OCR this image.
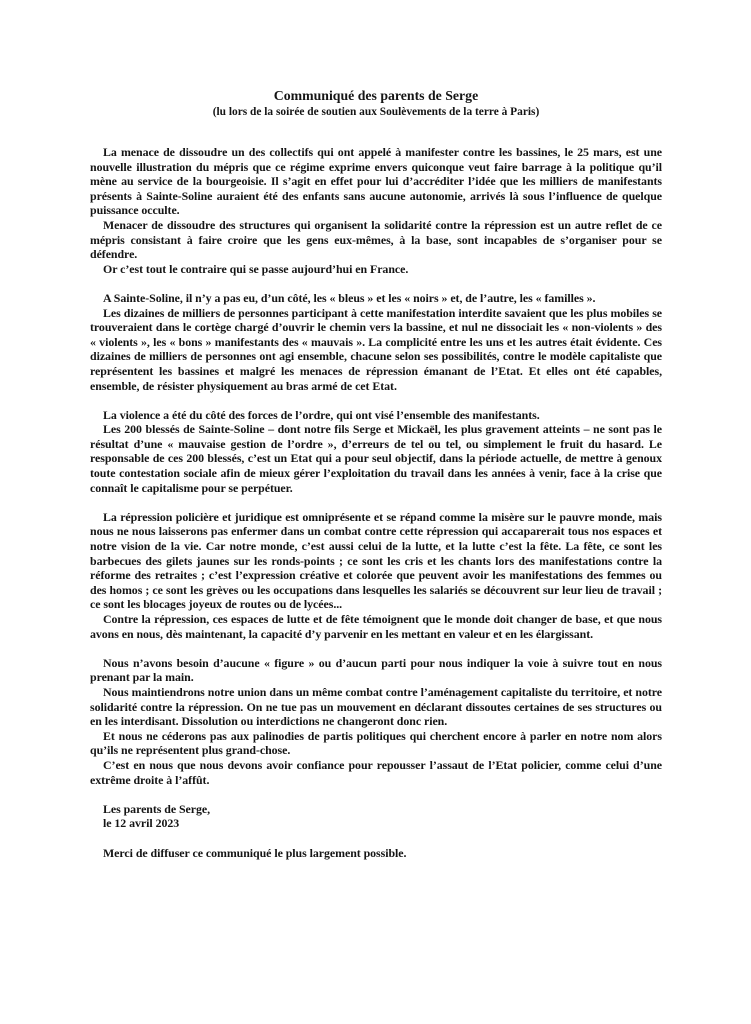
Communiqué des parents de Serge
(lu lors de la soirée de soutien aux Soulèvements de la terre à Paris)

La menace de dissoudre un des collectifs qui ont appelé à manifester contre les bassines, le 25 mars, est une nouvelle illustration du mépris que ce régime exprime envers quiconque veut faire barrage à la politique qu’il mène au service de la bourgeoisie. Il s’agit en effet pour lui d’accréditer l’idée que les milliers de manifestants présents à Sainte-Soline auraient été des enfants sans aucune autonomie, arrivés là sous l’influence de quelque puissance occulte.

Menacer de dissoudre des structures qui organisent la solidarité contre la répression est un autre reflet de ce mépris consistant à faire croire que les gens eux-mêmes, à la base, sont incapables de s’organiser pour se défendre.

Or c’est tout le contraire qui se passe aujourd’hui en France.

A Sainte-Soline, il n’y a pas eu, d’un côté, les « bleus » et les « noirs » et, de l’autre, les « familles ».

Les dizaines de milliers de personnes participant à cette manifestation interdite savaient que les plus mobiles se trouveraient dans le cortège chargé d’ouvrir le chemin vers la bassine, et nul ne dissociait les « non-violents » des « violents », les « bons » manifestants des « mauvais ». La complicité entre les uns et les autres était évidente. Ces dizaines de milliers de personnes ont agi ensemble, chacune selon ses possibilités, contre le modèle capitaliste que représentent les bassines et malgré les menaces de répression émanant de l’Etat. Et elles ont été capables, ensemble, de résister physiquement au bras armé de cet Etat.

La violence a été du côté des forces de l’ordre, qui ont visé l’ensemble des manifestants.

Les 200 blessés de Sainte-Soline – dont notre fils Serge et Mickaël, les plus gravement atteints – ne sont pas le résultat d’une « mauvaise gestion de l’ordre », d’erreurs de tel ou tel, ou simplement le fruit du hasard. Le responsable de ces 200 blessés, c’est un Etat qui a pour seul objectif, dans la période actuelle, de mettre à genoux toute contestation sociale afin de mieux gérer l’exploitation du travail dans les années à venir, face à la crise que connaît le capitalisme pour se perpétuer.

La répression policière et juridique est omniprésente et se répand comme la misère sur le pauvre monde, mais nous ne nous laisserons pas enfermer dans un combat contre cette répression qui accaparerait tous nos espaces et notre vision de la vie. Car notre monde, c’est aussi celui de la lutte, et la lutte c’est la fête. La fête, ce sont les barbecues des gilets jaunes sur les ronds-points ; ce sont les cris et les chants lors des manifestations contre la réforme des retraites ; c’est l’expression créative et colorée que peuvent avoir les manifestations des femmes ou des homos ; ce sont les grèves ou les occupations dans lesquelles les salariés se découvrent sur leur lieu de travail ; ce sont les blocages joyeux de routes ou de lycées...

Contre la répression, ces espaces de lutte et de fête témoignent que le monde doit changer de base, et que nous avons en nous, dès maintenant, la capacité d’y parvenir en les mettant en valeur et en les élargissant.

Nous n’avons besoin d’aucune « figure » ou d’aucun parti pour nous indiquer la voie à suivre tout en nous prenant par la main.

Nous maintiendrons notre union dans un même combat contre l’aménagement capitaliste du territoire, et notre solidarité contre la répression. On ne tue pas un mouvement en déclarant dissoutes certaines de ses structures ou en les interdisant. Dissolution ou interdictions ne changeront donc rien.

Et nous ne céderons pas aux palinodies de partis politiques qui cherchent encore à parler en notre nom alors qu’ils ne représentent plus grand-chose.

C’est en nous que nous devons avoir confiance pour repousser l’assaut de l’Etat policier, comme celui d’une extrême droite à l’affût.

Les parents de Serge,

le 12 avril 2023

Merci de diffuser ce communiqué le plus largement possible.
